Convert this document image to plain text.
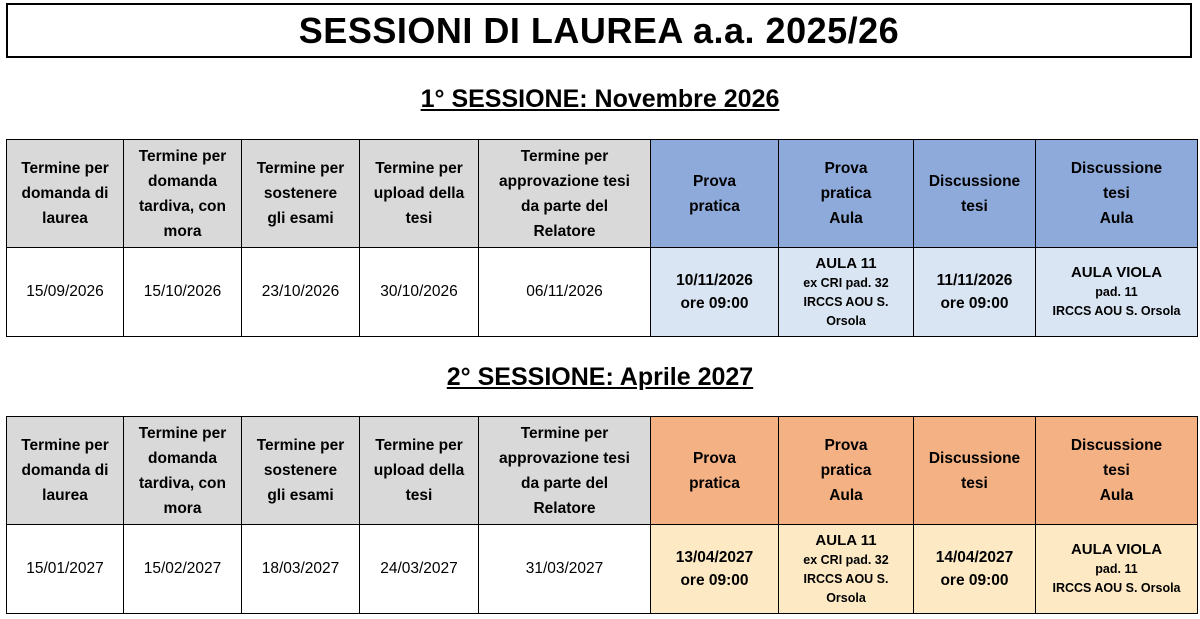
SESSIONI DI LAUREA a.a. 2025/26
1° SESSIONE: Novembre 2026
Termine per
domanda di
laurea	Termine per
domanda
tardiva, con
mora	Termine per
sostenere
gli esami	Termine per
upload della
tesi	Termine per
approvazione tesi
da parte del
Relatore	Prova
pratica	Prova
pratica
Aula	Discussione
tesi	Discussione
tesi
Aula

15/09/2026	15/10/2026	23/10/2026	30/10/2026	06/11/2026	10/11/2026
ore 09:00	AULA 11
ex CRI pad. 32
IRCCS AOU S.
Orsola	11/11/2026
ore 09:00	AULA VIOLA
pad. 11
IRCCS AOU S. Orsola
2° SESSIONE: Aprile 2027
Termine per
domanda di
laurea	Termine per
domanda
tardiva, con
mora	Termine per
sostenere
gli esami	Termine per
upload della
tesi	Termine per
approvazione tesi
da parte del
Relatore	Prova
pratica	Prova
pratica
Aula	Discussione
tesi	Discussione
tesi
Aula

15/01/2027	15/02/2027	18/03/2027	24/03/2027	31/03/2027	13/04/2027
ore 09:00	AULA 11
ex CRI pad. 32
IRCCS AOU S.
Orsola	14/04/2027
ore 09:00	AULA VIOLA
pad. 11
IRCCS AOU S. Orsola
